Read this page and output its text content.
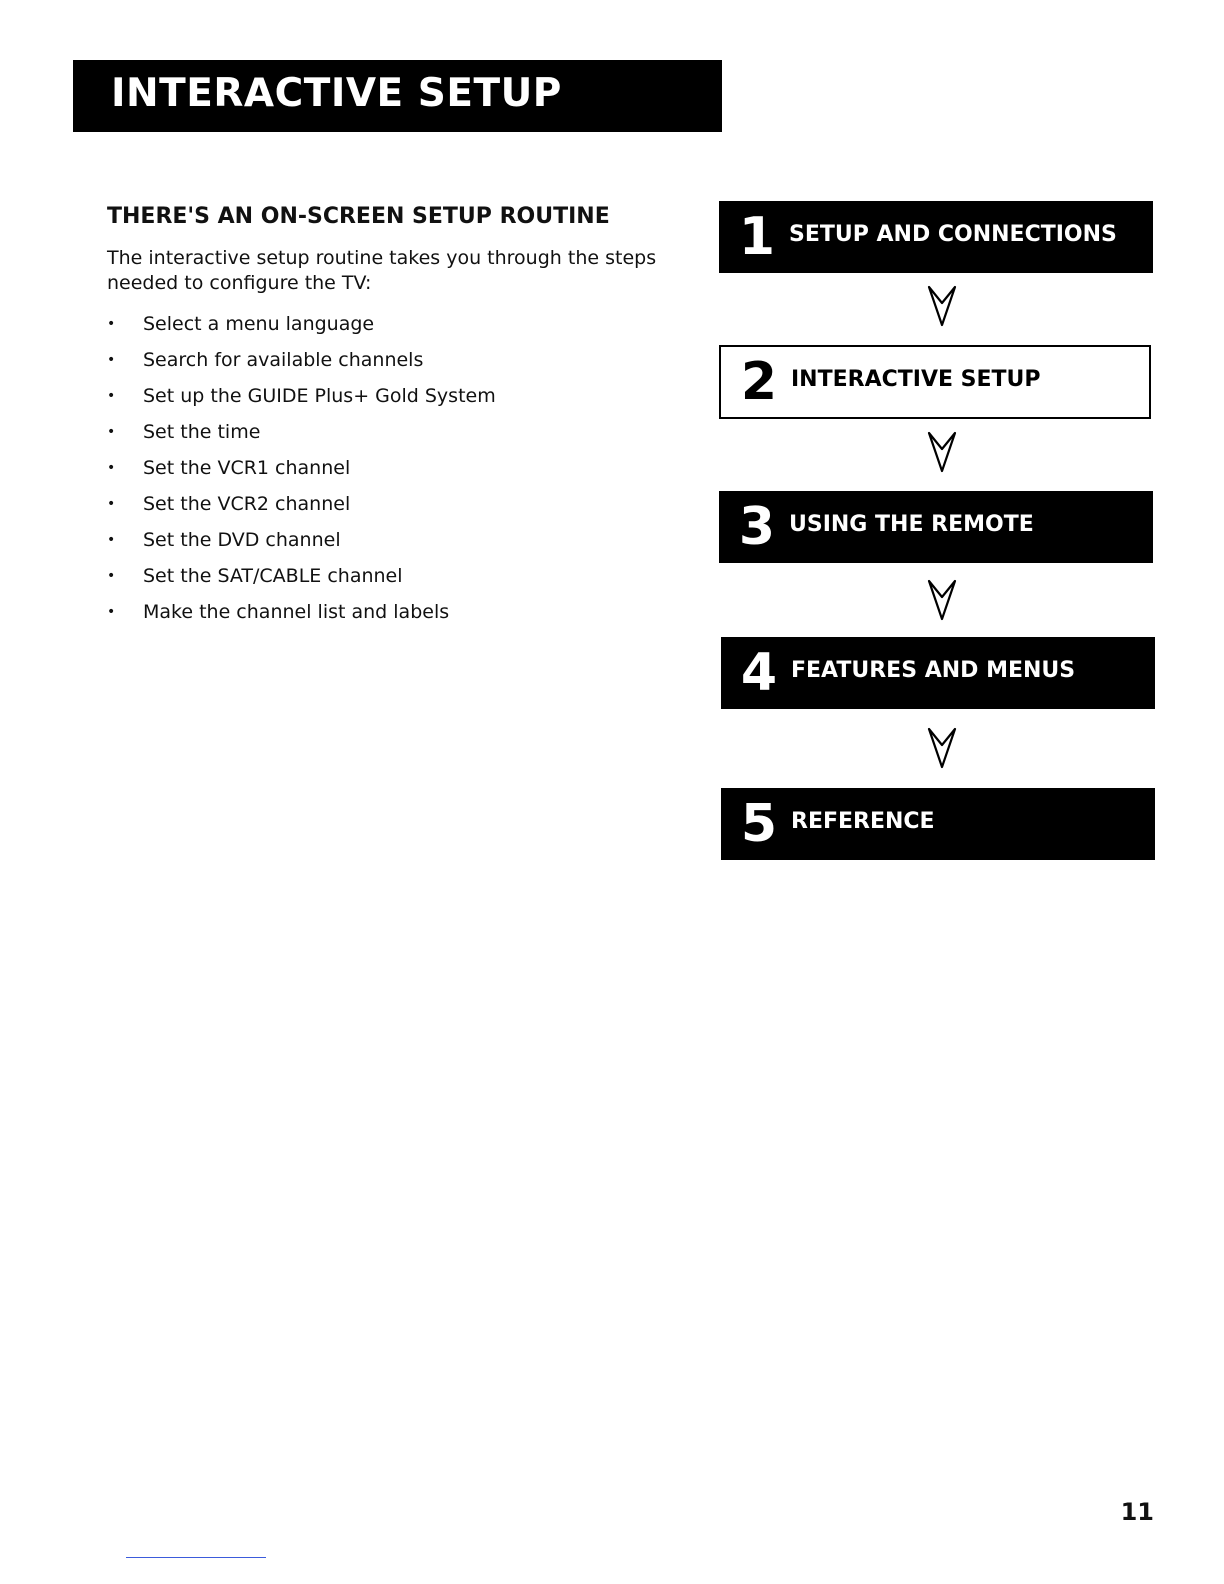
INTERACTIVE SETUP
THERE'S AN ON-SCREEN SETUP ROUTINE

The interactive setup routine takes you through the steps needed to configure the TV:

•	Select a menu language
•	Search for available channels
•	Set up the GUIDE Plus+ Gold System
•	Set the time
•	Set the VCR1 channel
•	Set the VCR2 channel
•	Set the DVD channel
•	Set the SAT/CABLE channel
•	Make the channel list and labels
1 SETUP AND CONNECTIONS
2 INTERACTIVE SETUP
3 USING THE REMOTE
4 FEATURES AND MENUS
5 REFERENCE
11
